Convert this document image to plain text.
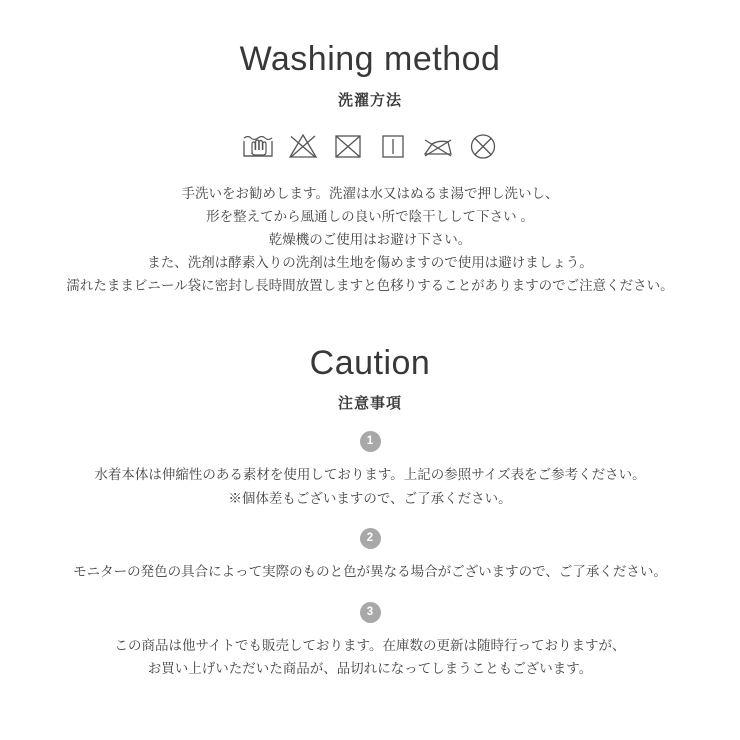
Washing method
洗濯方法
手洗いをお勧めします。洗濯は水又はぬるま湯で押し洗いし、
形を整えてから風通しの良い所で陰干しして下さい 。
乾燥機のご使用はお避け下さい。
また、洗剤は酵素入りの洗剤は生地を傷めますので使用は避けましょう。
濡れたままビニール袋に密封し長時間放置しますと色移りすることがありますのでご注意ください。
Caution
注意事項
1
水着本体は伸縮性のある素材を使用しております。上記の参照サイズ表をご参考ください。
※個体差もございますので、ご了承ください。
2
モニターの発色の具合によって実際のものと色が異なる場合がございますので、ご了承ください。
3
この商品は他サイトでも販売しております。在庫数の更新は随時行っておりますが、
お買い上げいただいた商品が、品切れになってしまうこともございます。
